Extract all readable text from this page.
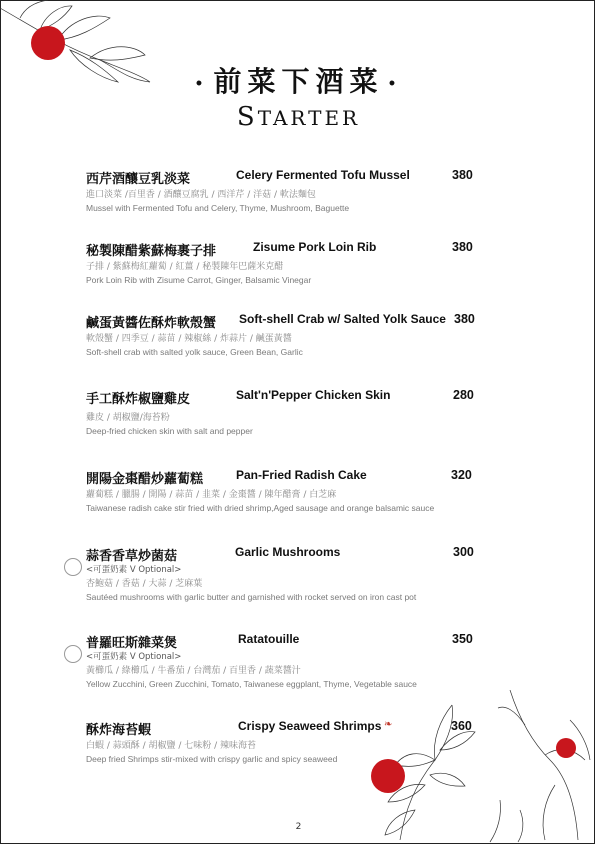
• 前菜下酒菜 •
STARTER
西芹酒釀豆乳淡菜	Celery Fermented Tofu Mussel	380
進口淡菜 /百里香 / 酒釀豆腐乳 / 西洋芹 / 洋菇 / 軟法麵包
Mussel with Fermented Tofu and Celery, Thyme, Mushroom, Baguette
秘製陳醋紫蘇梅裹子排	Zisume Pork Loin Rib	380
子排 / 紫蘇梅紅蘿蔔 / 紅薑 / 秘製陳年巴薩米克醋
Pork Loin Rib with Zisume Carrot, Ginger, Balsamic Vinegar
鹹蛋黃醬佐酥炸軟殼蟹 Soft-shell Crab w/ Salted Yolk Sauce 380
軟殼蟹 / 四季豆 / 蒜苗 / 辣椒絲 / 炸蒜片 / 鹹蛋黃醬
Soft-shell crab with salted yolk sauce, Green Bean, Garlic
手工酥炸椒鹽雞皮	Salt'n'Pepper Chicken Skin	280
雞皮 / 胡椒鹽/海苔粉
Deep-fried chicken skin with salt and pepper
開陽金棗醋炒蘿蔔糕	Pan-Fried Radish Cake	320
蘿蔔糕 / 臘腸 / 開陽 / 蒜苗 / 韭菜 / 金棗醬 / 陳年醋膏 / 白芝麻
Taiwanese radish cake stir fried with dried shrimp,Aged sausage and orange balsamic sauce
蒜香香草炒菌菇	Garlic Mushrooms	300
<可蛋奶素 V Optional>
杏鮑菇 / 香菇 / 大蒜 / 芝麻葉
Sautéed mushrooms with garlic butter and garnished with rocket served on iron cast pot
普羅旺斯雜菜煲	Ratatouille	350
<可蛋奶素 V Optional>
黃櫛瓜 / 綠櫛瓜 / 牛番茄 / 台灣茄 / 百里香 / 蔬菜醬汁
Yellow Zucchini, Green Zucchini, Tomato, Taiwanese eggplant, Thyme, Vegetable sauce
酥炸海苔蝦	Crispy Seaweed Shrimps ❧	360
白蝦 / 蒜頭酥 / 胡椒鹽 / 七味粉 / 辣味海苔
Deep fried Shrimps stir-mixed with crispy garlic and spicy seaweed
2
